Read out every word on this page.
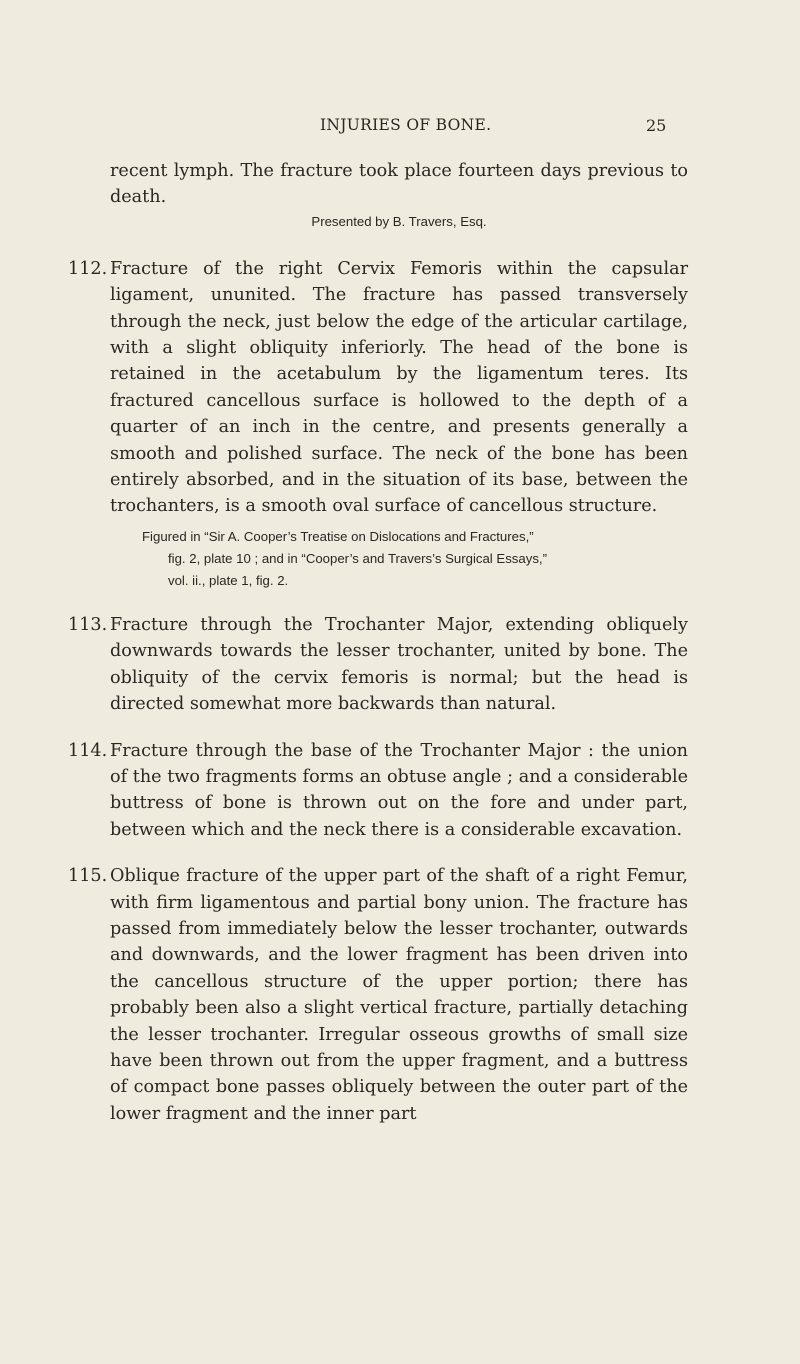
INJURIES OF BONE.	25

recent lymph. The fracture took place fourteen days previous to death.

Presented by B. Travers, Esq.
112. Fracture of the right Cervix Femoris within the capsular ligament, ununited. The fracture has passed transversely through the neck, just below the edge of the articular cartilage, with a slight obliquity inferiorly. The head of the bone is retained in the acetabulum by the ligamentum teres. Its fractured cancellous surface is hollowed to the depth of a quarter of an inch in the centre, and presents generally a smooth and polished surface. The neck of the bone has been entirely absorbed, and in the situation of its base, between the trochanters, is a smooth oval surface of cancellous structure.

Figured in “Sir A. Cooper’s Treatise on Dislocations and Fractures,”
fig. 2, plate 10 ; and in “Cooper’s and Travers’s Surgical Essays,”
vol. ii., plate 1, fig. 2.
113. Fracture through the Trochanter Major, extending obliquely downwards towards the lesser trochanter, united by bone. The obliquity of the cervix femoris is normal; but the head is directed somewhat more backwards than natural.

114. Fracture through the base of the Trochanter Major : the union of the two fragments forms an obtuse angle ; and a considerable buttress of bone is thrown out on the fore and under part, between which and the neck there is a considerable excavation.

115. Oblique fracture of the upper part of the shaft of a right Femur, with firm ligamentous and partial bony union. The fracture has passed from immediately below the lesser trochanter, outwards and downwards, and the lower fragment has been driven into the cancellous structure of the upper portion; there has probably been also a slight vertical fracture, partially detaching the lesser trochanter. Irregular osseous growths of small size have been thrown out from the upper fragment, and a buttress of compact bone passes obliquely between the outer part of the lower fragment and the inner part
